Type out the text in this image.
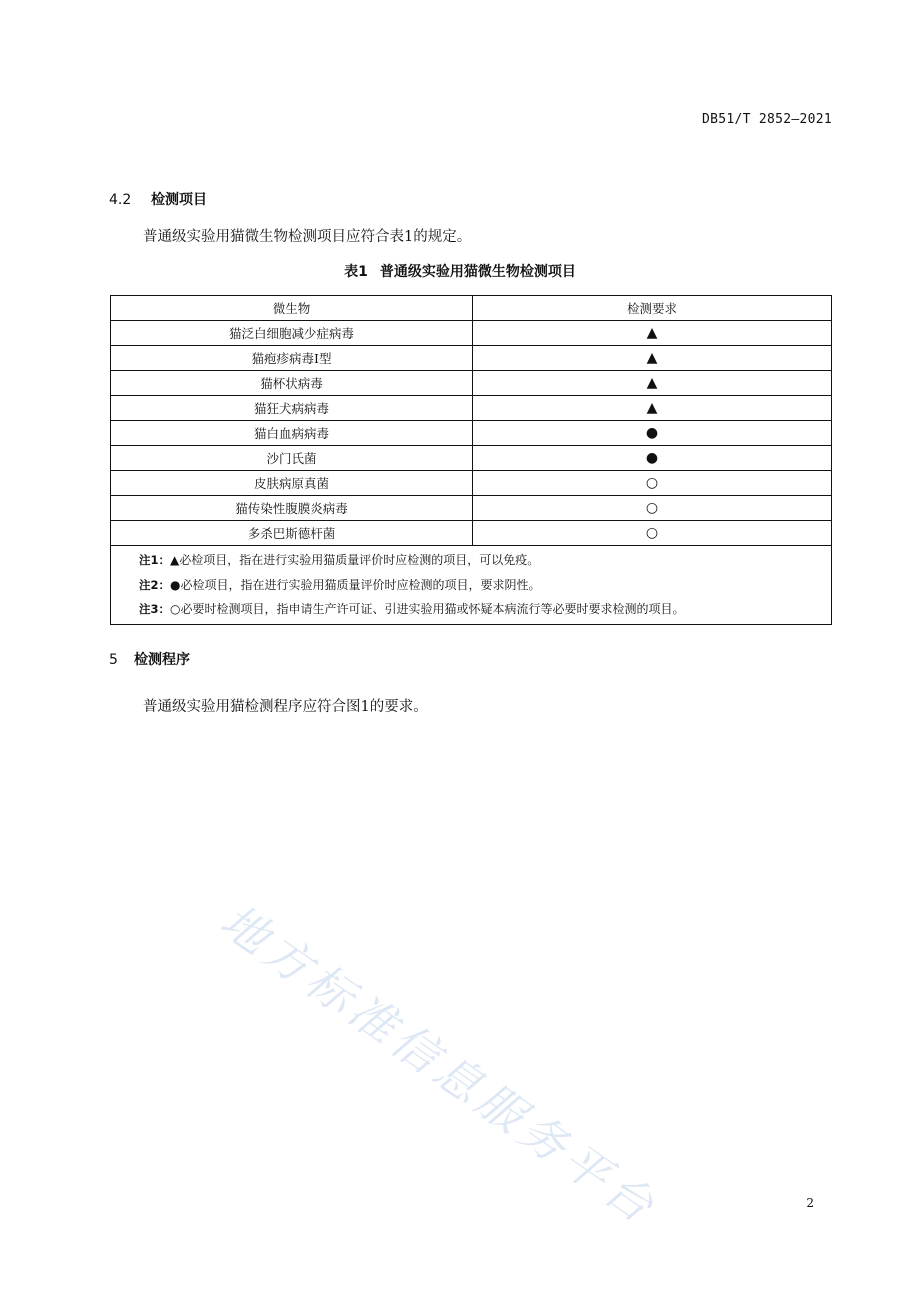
DB51/T 2852—2021
4.2 检测项目
普通级实验用猫微生物检测项目应符合表1的规定。
表1 普通级实验用猫微生物检测项目
微生物	检测要求
猫泛白细胞减少症病毒	▲
猫疱疹病毒I型	▲
猫杯状病毒	▲
猫狂犬病病毒	▲
猫白血病病毒	●
沙门氏菌	●
皮肤病原真菌	○
猫传染性腹膜炎病毒	○
多杀巴斯德杆菌	○

注1：▲必检项目，指在进行实验用猫质量评价时应检测的项目，可以免疫。
注2：●必检项目，指在进行实验用猫质量评价时应检测的项目，要求阴性。
注3：○必要时检测项目，指申请生产许可证、引进实验用猫或怀疑本病流行等必要时要求检测的项目。	
5 检测程序
普通级实验用猫检测程序应符合图1的要求。
地方标准信息服务平台	2
